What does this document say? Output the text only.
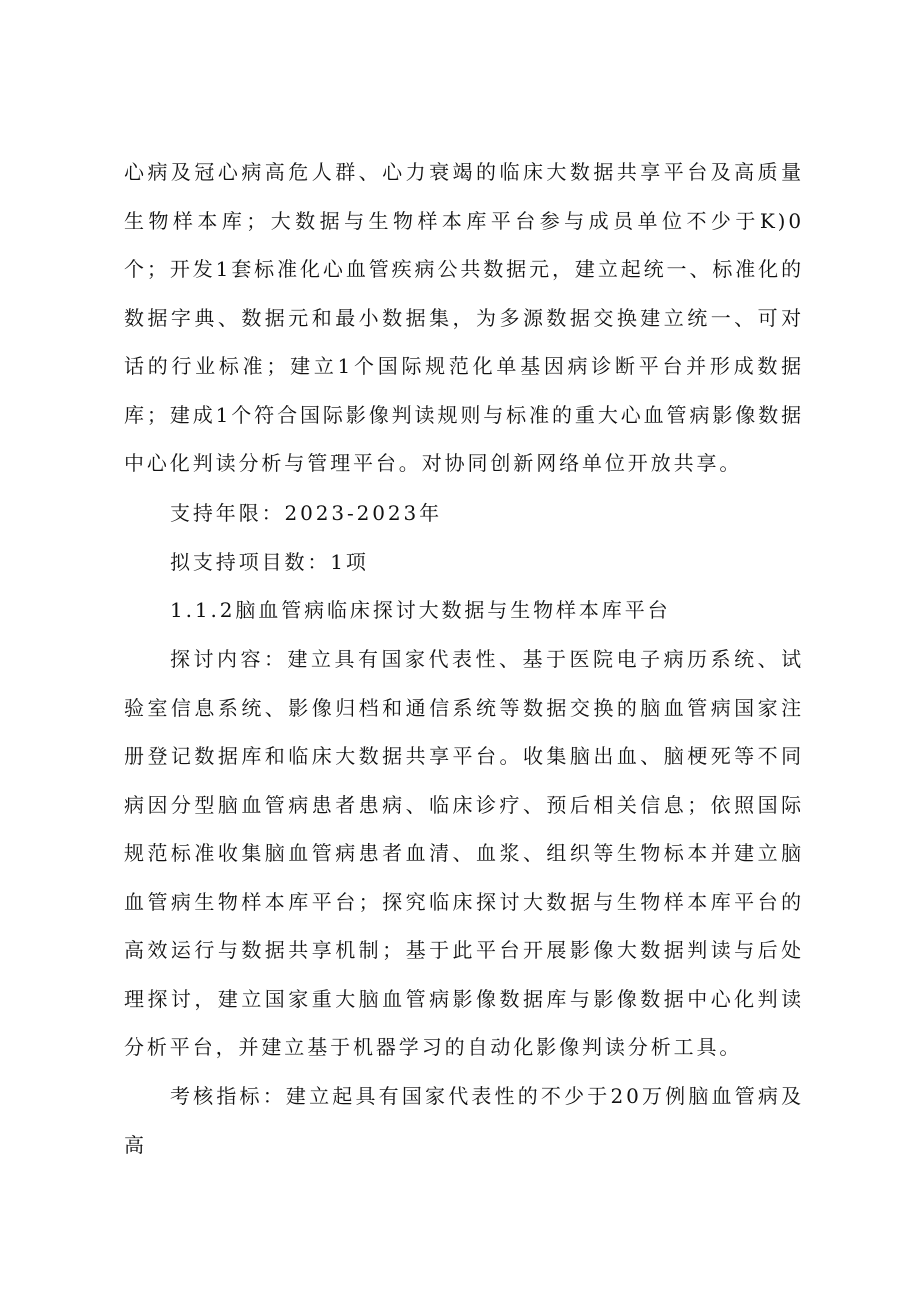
心病及冠心病高危人群、心力衰竭的临床大数据共享平台及高质量生物样本库；大数据与生物样本库平台参与成员单位不少于K)0个；开发1套标准化心血管疾病公共数据元，建立起统一、标准化的数据字典、数据元和最小数据集，为多源数据交换建立统一、可对话的行业标准；建立1个国际规范化单基因病诊断平台并形成数据库；建成1个符合国际影像判读规则与标准的重大心血管病影像数据中心化判读分析与管理平台。对协同创新网络单位开放共享。

支持年限：2023-2023年

拟支持项目数：1项

1.1.2脑血管病临床探讨大数据与生物样本库平台

探讨内容：建立具有国家代表性、基于医院电子病历系统、试验室信息系统、影像归档和通信系统等数据交换的脑血管病国家注册登记数据库和临床大数据共享平台。收集脑出血、脑梗死等不同病因分型脑血管病患者患病、临床诊疗、预后相关信息；依照国际规范标准收集脑血管病患者血清、血浆、组织等生物标本并建立脑血管病生物样本库平台；探究临床探讨大数据与生物样本库平台的高效运行与数据共享机制；基于此平台开展影像大数据判读与后处理探讨，建立国家重大脑血管病影像数据库与影像数据中心化判读分析平台，并建立基于机器学习的自动化影像判读分析工具。

考核指标：建立起具有国家代表性的不少于20万例脑血管病及高
